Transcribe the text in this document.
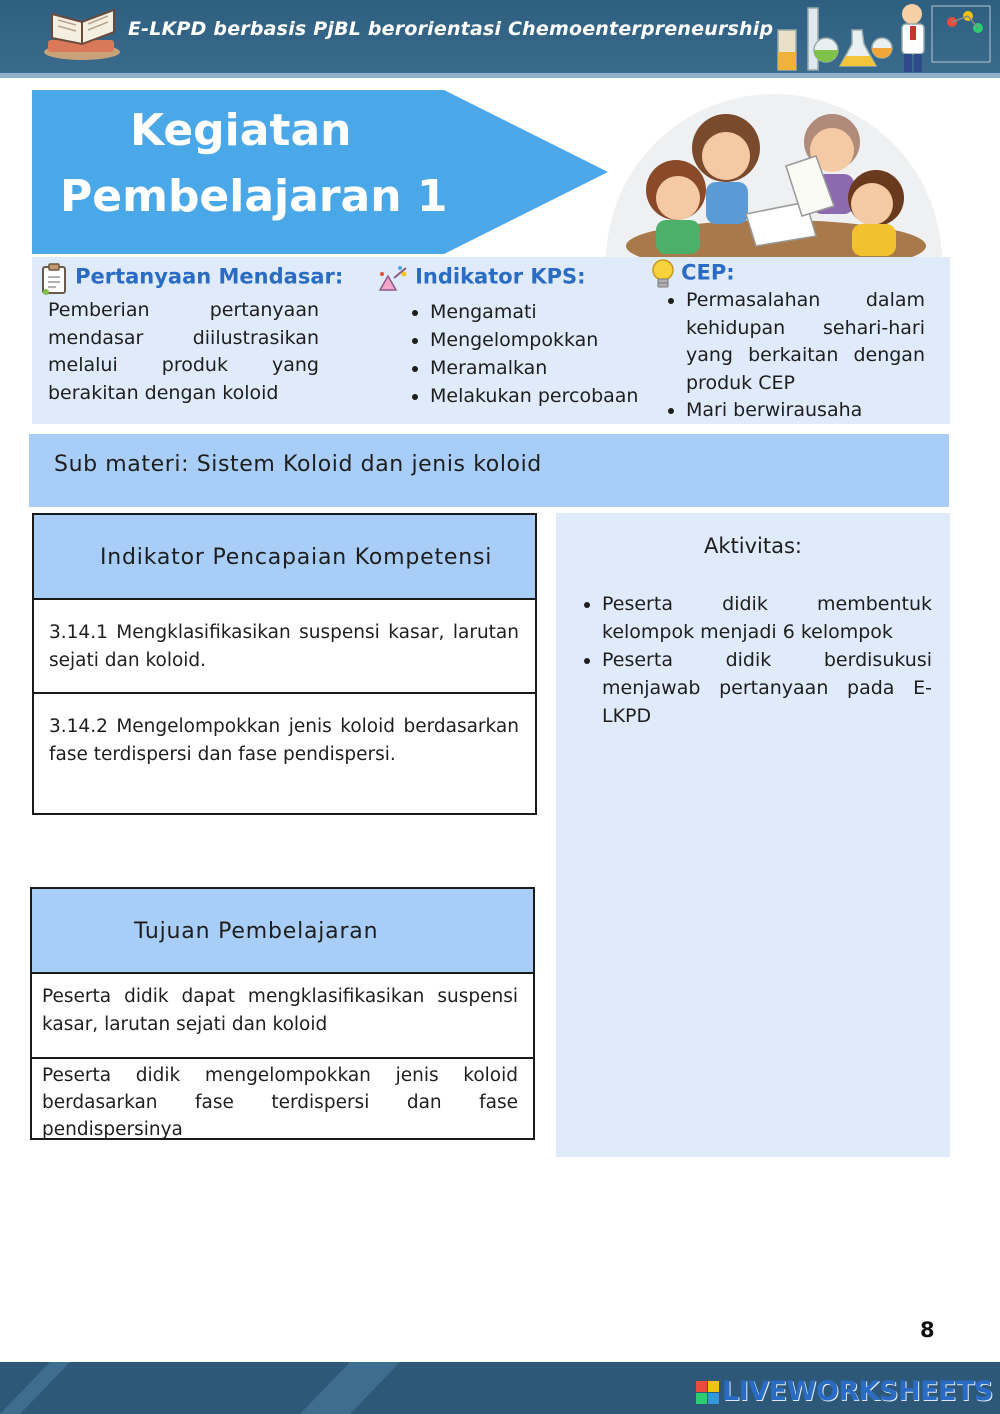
E-LKPD berbasis PjBL berorientasi Chemoenterpreneurship
Kegiatan
Pembelajaran 1
Pertanyaan Mendasar:
Pemberian pertanyaan mendasar diilustrasikan melalui produk yang berakitan dengan koloid
Indikator KPS:
• Mengamati
• Mengelompokkan
• Meramalkan
• Melakukan percobaan
CEP:
• Permasalahan dalam kehidupan sehari-hari yang berkaitan dengan produk CEP
• Mari berwirausaha
Sub materi: Sistem Koloid dan jenis koloid
Indikator Pencapaian Kompetensi
3.14.1 Mengklasifikasikan suspensi kasar, larutan sejati dan koloid.
3.14.2 Mengelompokkan jenis koloid berdasarkan fase terdispersi dan fase pendispersi.
Tujuan Pembelajaran
Peserta didik dapat mengklasifikasikan suspensi kasar, larutan sejati dan koloid
Peserta didik mengelompokkan jenis koloid berdasarkan fase terdispersi dan fase pendispersinya
Aktivitas:
• Peserta didik membentuk kelompok menjadi 6 kelompok
• Peserta didik berdisukusi menjawab pertanyaan pada E-LKPD
8
LIVEWORKSHEETS
